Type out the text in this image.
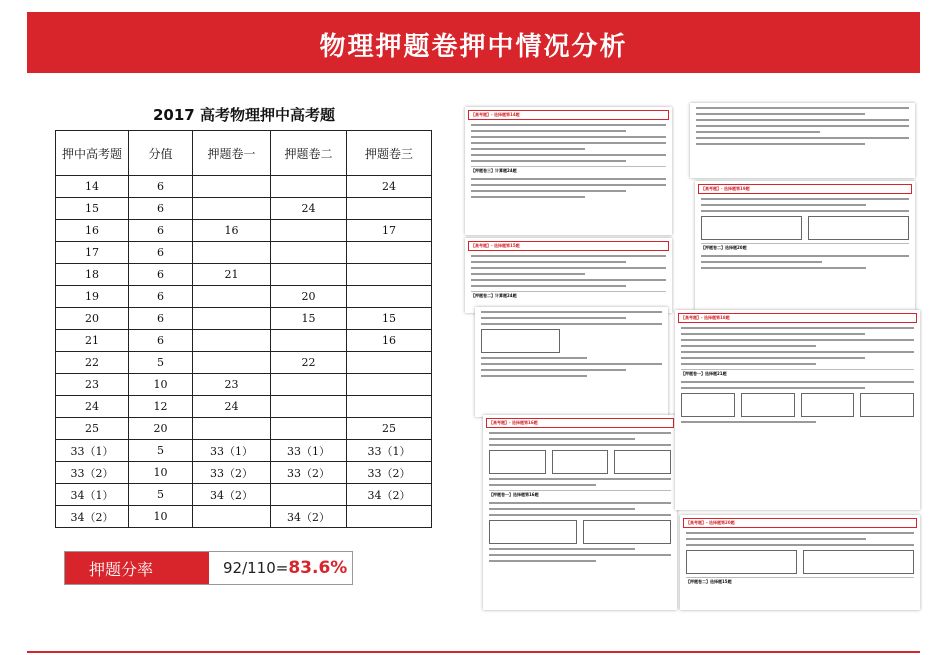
物理押题卷押中情况分析
2017 高考物理押中高考题
押中高考题	分值	押题卷一	押题卷二	押题卷三
14	6			24
15	6		24	
16	6	16		17
17	6			
18	6	21		
19	6		20	
20	6		15	15
21	6			16
22	5		22	
23	10	23		
24	12	24		
25	20			25
33（1）	5	33（1）	33（1）	33（1）
33（2）	10	33（2）	33（2）	33（2）
34（1）	5	34（2）		34（2）
34（2）	10		34（2）	
押题分率	92/110= 83.6%
【高考题】- 选择题第14题
【押题卷三】计算题24题
【高考题】- 选择题第15题
【押题卷二】计算题24题
【高考题】- 选择题第16题
【押题卷一】选择题第16题
【高考题】- 选择题第19题
【押题卷二】选择题20题
【高考题】- 选择题第18题
【押题卷一】选择题21题
【高考题】- 选择题第20题
【押题卷二】选择题15题
